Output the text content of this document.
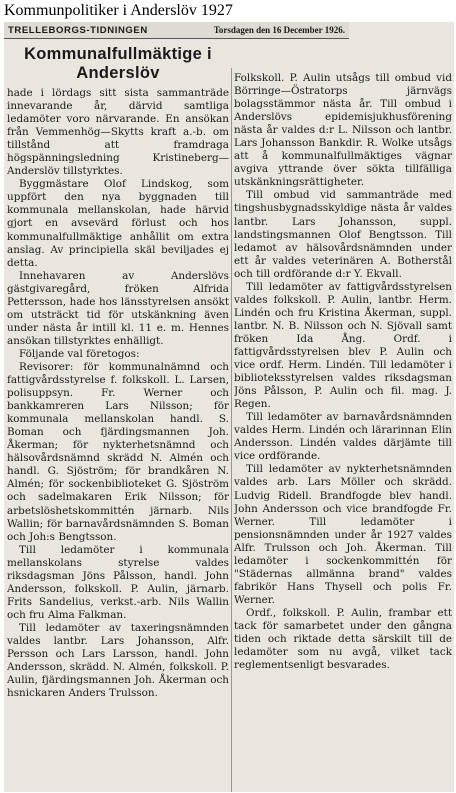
Kommunpolitiker i Anderslöv 1927
TRELLEBORGS-TIDNINGEN	Torsdagen den 16 December 1926.
Kommunalfullmäktige i
Anderslöv

hade i lördags sitt sista sammanträde innevarande år, därvid samtliga ledamöter voro närvarande. En ansökan från Vemmenhög—Skytts kraft a.-b. om tillstånd att framdraga högspänningsledning Kristineberg—Anderslöv tillstyrktes.

Byggmästare Olof Lindskog, som uppfört den nya byggnaden till kommunala mellanskolan, hade härvid gjort en avsevärd förlust och hos kommunalfullmäktige anhållit om extra anslag. Av principiella skäl beviljades ej detta.

Innehavaren av Anderslövs gästgivaregård, fröken Alfrida Pettersson, hade hos länsstyrelsen ansökt om utsträckt tid för utskänkning även under nästa år intill kl. 11 e. m. Hennes ansökan tillstyrktes enhälligt.

Följande val företogos:

Revisorer: för kommunalnämnd och fattigvårdsstyrelse f. folkskoll. L. Larsen, polisuppsyn. Fr. Werner och bankkamreren Lars Nilsson; för kommunala mellanskolan handl. S. Boman och fjärdingsmannen Joh. Åkerman; för nykterhetsnämnd och hälsovårdsnämnd skrädd N. Almén och handl. G. Sjöström; för brandkåren N. Almén; för sockenbiblioteket G. Sjöström och sadelmakaren Erik Nilsson; för arbetslöshetskommittén järnarb. Nils Wallin; för barnavårdsnämnden S. Boman och Joh:s Bengtsson.

Till ledamöter i kommunala mellanskolans styrelse valdes riksdagsman Jöns Pålsson, handl. John Andersson, folkskoll. P. Aulin, järnarb. Frits Sandelius, verkst.-arb. Nils Wallin och fru Alma Falkman.

Till ledamöter av taxeringsnämnden valdes lantbr. Lars Johansson, Alfr. Persson och Lars Larsson, handl. John Andersson, skrädd. N. Almén, folkskoll. P. Aulin, fjärdingsmannen Joh. Åkerman och hsnickaren Anders Trulsson.

Folkskoll. P. Aulin utsågs till ombud vid Börringe—Östratorps järnvägs bolagsstämmor nästa år. Till ombud i Anderslövs epidemisjukhusförening nästa år valdes d:r L. Nilsson och lantbr. Lars Johansson Bankdir. R. Wolke utsågs att å kommunalfullmäktiges vägnar avgiva yttrande över sökta tillfälliga utskänkningsrättigheter.

Till ombud vid sammanträde med tingshusbygnadsskyldige nästa år valdes lantbr. Lars Johansson, suppl. landstingsmannen Olof Bengtsson. Till ledamot av hälsovårdsnämnden under ett år valdes veterinären A. Botherstål och till ordförande d:r Y. Ekvall.

Till ledamöter av fattigvårdsstyrelsen valdes folkskoll. P. Aulin, lantbr. Herm. Lindén och fru Kristina Åkerman, suppl. lantbr. N. B. Nilsson och N. Sjövall samt fröken Ida Ång. Ordf. i fattigvårdsstyrelsen blev P. Aulin och vice ordf. Herm. Lindén. Till ledamöter i biblioteksstyrelsen valdes riksdagsman Jöns Pålsson, P. Aulin och fil. mag. J. Regen.

Till ledamöter av barnavårdsnämnden valdes Herm. Lindén och lärarinnan Elin Andersson. Lindén valdes därjämte till vice ordförande.

Till ledamöter av nykterhetsnämnden valdes arb. Lars Möller och skrädd. Ludvig Ridell. Brandfogde blev handl. John Andersson och vice brandfogde Fr. Werner. Till ledamöter i pensionsnämnden under år 1927 valdes Alfr. Trulsson och Joh. Åkerman. Till ledamöter i sockenkommittén för "Städernas allmänna brand" valdes fabrikör Hans Thysell och polis Fr. Werner.

Ordf., folkskoll. P. Aulin, frambar ett tack för samarbetet under den gångna tiden och riktade detta särskilt till de ledamöter som nu avgå, vilket tack reglementsenligt besvarades.
